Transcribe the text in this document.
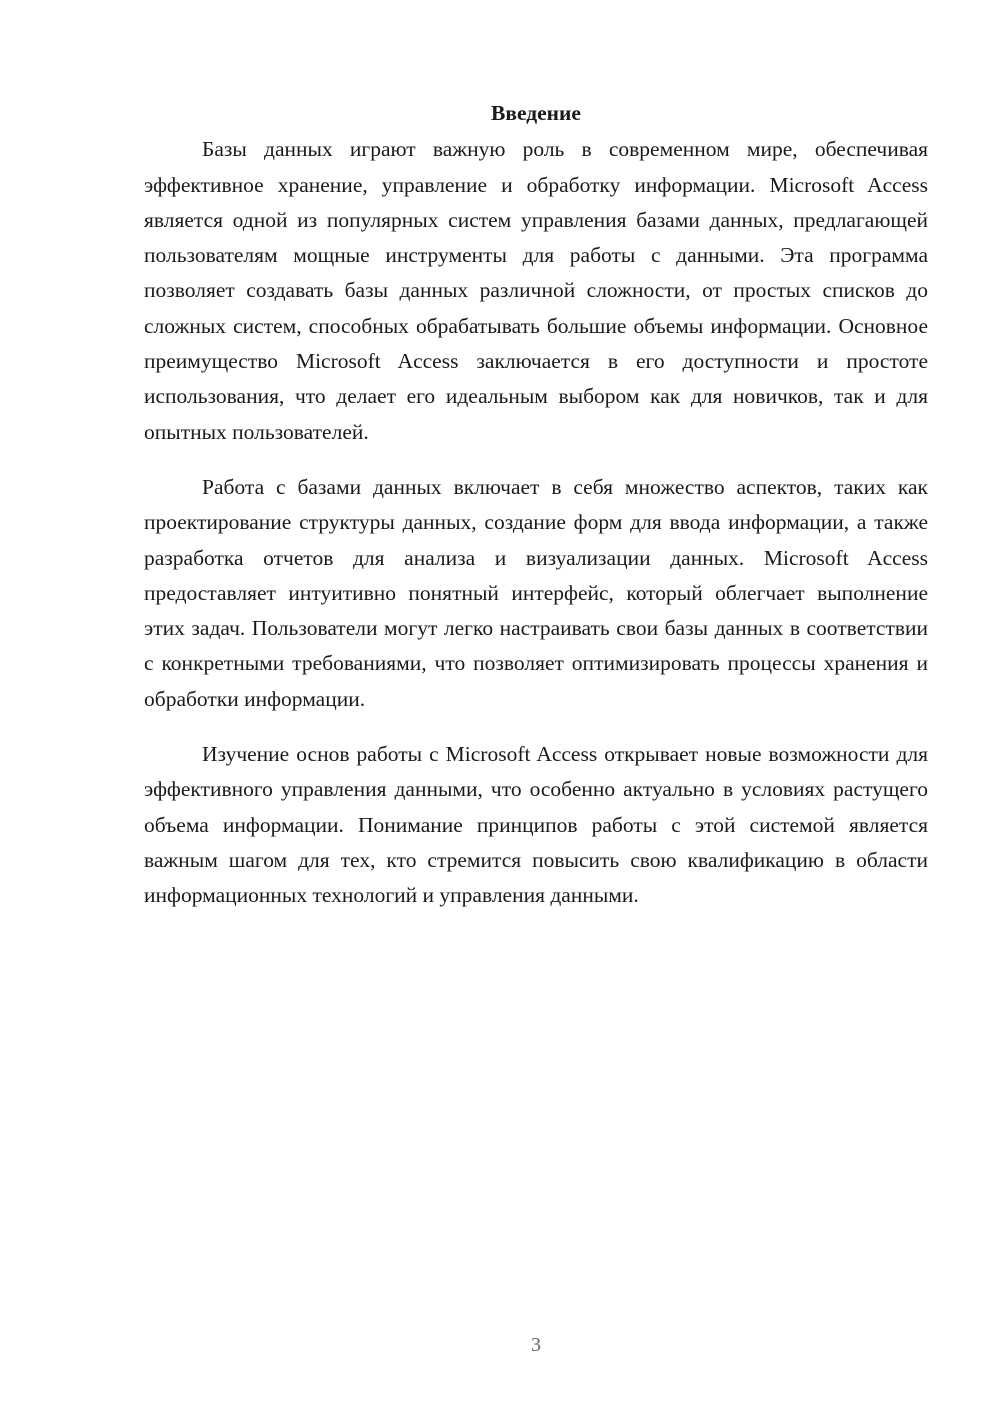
Введение

Базы данных играют важную роль в современном мире, обеспечивая эффективное хранение, управление и обработку информации. Microsoft Access является одной из популярных систем управления базами данных, предлагающей пользователям мощные инструменты для работы с данными. Эта программа позволяет создавать базы данных различной сложности, от простых списков до сложных систем, способных обрабатывать большие объемы информации. Основное преимущество Microsoft Access заключается в его доступности и простоте использования, что делает его идеальным выбором как для новичков, так и для опытных пользователей.

Работа с базами данных включает в себя множество аспектов, таких как проектирование структуры данных, создание форм для ввода информации, а также разработка отчетов для анализа и визуализации данных. Microsoft Access предоставляет интуитивно понятный интерфейс, который облегчает выполнение этих задач. Пользователи могут легко настраивать свои базы данных в соответствии с конкретными требованиями, что позволяет оптимизировать процессы хранения и обработки информации.

Изучение основ работы с Microsoft Access открывает новые возможности для эффективного управления данными, что особенно актуально в условиях растущего объема информации. Понимание принципов работы с этой системой является важным шагом для тех, кто стремится повысить свою квалификацию в области информационных технологий и управления данными.

3
